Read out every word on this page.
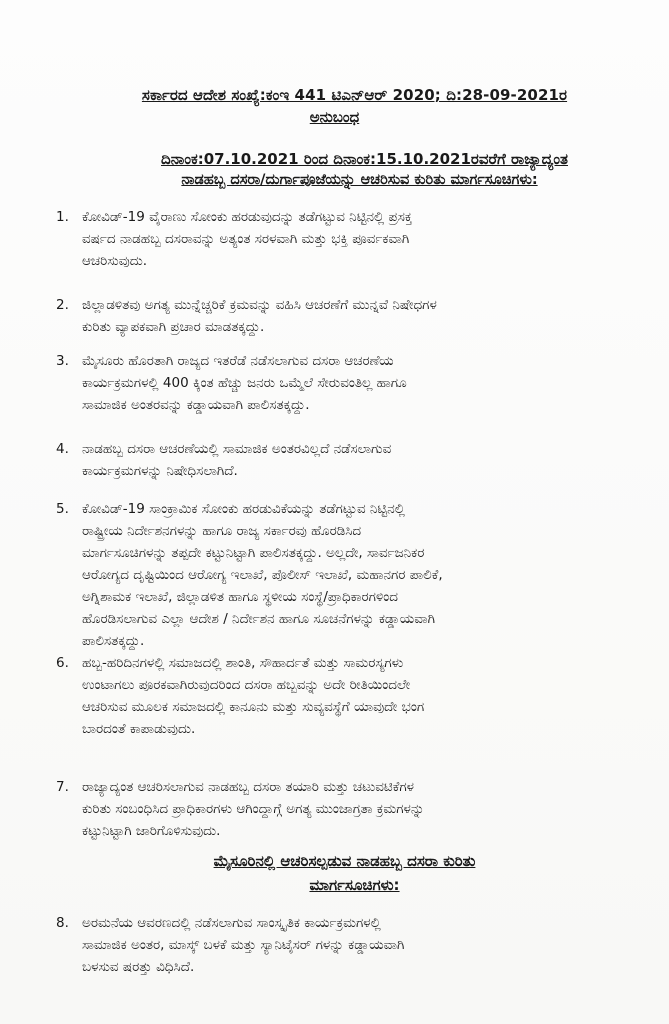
ಸರ್ಕಾರದ ಆದೇಶ ಸಂಖ್ಯೆ:ಕಂಇ 441 ಟಿಎನ್‌ಆರ್ 2020; ದಿ:28-09-2021ರ
ಅನುಬಂಧ
ದಿನಾಂಕ:07.10.2021 ರಿಂದ ದಿನಾಂಕ:15.10.2021ರವರೆಗೆ ರಾಜ್ಯಾದ್ಯಂತ
ನಾಡಹಬ್ಬ ದಸರಾ/ದುರ್ಗಾಪೂಜೆಯನ್ನು ಆಚರಿಸುವ ಕುರಿತು ಮಾರ್ಗಸೂಚಿಗಳು:
1. ಕೋವಿಡ್-19 ವೈರಾಣು ಸೋಂಕು ಹರಡುವುದನ್ನು ತಡೆಗಟ್ಟುವ ನಿಟ್ಟಿನಲ್ಲಿ ಪ್ರಸಕ್ತ
ವರ್ಷದ ನಾಡಹಬ್ಬ ದಸರಾವನ್ನು ಅತ್ಯಂತ ಸರಳವಾಗಿ ಮತ್ತು ಭಕ್ತಿ ಪೂರ್ವಕವಾಗಿ
ಆಚರಿಸುವುದು.
2. ಜಿಲ್ಲಾಡಳಿತವು ಅಗತ್ಯ ಮುನ್ನೆಚ್ಚರಿಕೆ ಕ್ರಮವನ್ನು ವಹಿಸಿ ಆಚರಣೆಗೆ ಮುನ್ನವೆ ನಿಷೇಧಗಳ
ಕುರಿತು ವ್ಯಾಪಕವಾಗಿ ಪ್ರಚಾರ ಮಾಡತಕ್ಕದ್ದು.
3. ಮೈಸೂರು ಹೊರತಾಗಿ ರಾಜ್ಯದ ಇತರೆಡೆ ನಡೆಸಲಾಗುವ ದಸರಾ ಆಚರಣೆಯ
ಕಾರ್ಯಕ್ರಮಗಳಲ್ಲಿ 400 ಕ್ಕಿಂತ ಹೆಚ್ಚು ಜನರು ಒಮ್ಮೆಲೆ ಸೇರುವಂತಿಲ್ಲ ಹಾಗೂ
ಸಾಮಾಜಿಕ ಅಂತರವನ್ನು ಕಡ್ಡಾಯವಾಗಿ ಪಾಲಿಸತಕ್ಕದ್ದು.
4. ನಾಡಹಬ್ಬ ದಸರಾ ಆಚರಣೆಯಲ್ಲಿ ಸಾಮಾಜಿಕ ಅಂತರವಿಲ್ಲದೆ ನಡೆಸಲಾಗುವ
ಕಾರ್ಯಕ್ರಮಗಳನ್ನು ನಿಷೇಧಿಸಲಾಗಿದೆ.
5. ಕೋವಿಡ್-19 ಸಾಂಕ್ರಾಮಿಕ ಸೋಂಕು ಹರಡುವಿಕೆಯನ್ನು ತಡೆಗಟ್ಟುವ ನಿಟ್ಟಿನಲ್ಲಿ
ರಾಷ್ಟ್ರೀಯ ನಿರ್ದೇಶನಗಳನ್ನು ಹಾಗೂ ರಾಜ್ಯ ಸರ್ಕಾರವು ಹೊರಡಿಸಿದ
ಮಾರ್ಗಸೂಚಿಗಳನ್ನು ತಪ್ಪದೇ ಕಟ್ಟುನಿಟ್ಟಾಗಿ ಪಾಲಿಸತಕ್ಕದ್ದು. ಅಲ್ಲದೇ, ಸಾರ್ವಜನಿಕರ
ಆರೋಗ್ಯದ ದೃಷ್ಟಿಯಿಂದ ಆರೋಗ್ಯ ಇಲಾಖೆ, ಪೊಲೀಸ್ ಇಲಾಖೆ, ಮಹಾನಗರ ಪಾಲಿಕೆ,
ಅಗ್ನಿಶಾಮಕ ಇಲಾಖೆ, ಜಿಲ್ಲಾಡಳಿತ ಹಾಗೂ ಸ್ಥಳೀಯ ಸಂಸ್ಥೆ/ಪ್ರಾಧಿಕಾರಗಳಿಂದ
ಹೊರಡಿಸಲಾಗುವ ಎಲ್ಲಾ ಆದೇಶ / ನಿರ್ದೇಶನ ಹಾಗೂ ಸೂಚನೆಗಳನ್ನು ಕಡ್ಡಾಯವಾಗಿ
ಪಾಲಿಸತಕ್ಕದ್ದು.
6. ಹಬ್ಬ-ಹರಿದಿನಗಳಲ್ಲಿ ಸಮಾಜದಲ್ಲಿ ಶಾಂತಿ, ಸೌಹಾರ್ದತೆ ಮತ್ತು ಸಾಮರಸ್ಯಗಳು
ಉಂಟಾಗಲು ಪೂರಕವಾಗಿರುವುದರಿಂದ ದಸರಾ ಹಬ್ಬವನ್ನು ಅದೇ ರೀತಿಯಿಂದಲೇ
ಆಚರಿಸುವ ಮೂಲಕ ಸಮಾಜದಲ್ಲಿ ಕಾನೂನು ಮತ್ತು ಸುವ್ಯವಸ್ಥೆಗೆ ಯಾವುದೇ ಭಂಗ
ಬಾರದಂತೆ ಕಾಪಾಡುವುದು.
7. ರಾಜ್ಯಾದ್ಯಂತ ಆಚರಿಸಲಾಗುವ ನಾಡಹಬ್ಬ ದಸರಾ ತಯಾರಿ ಮತ್ತು ಚಟುವಟಿಕೆಗಳ
ಕುರಿತು ಸಂಬಂಧಿಸಿದ ಪ್ರಾಧಿಕಾರಗಳು ಆಗಿಂದ್ದಾಗ್ಗೆ ಅಗತ್ಯ ಮುಂಜಾಗ್ರತಾ ಕ್ರಮಗಳನ್ನು
ಕಟ್ಟುನಿಟ್ಟಾಗಿ ಜಾರಿಗೊಳಿಸುವುದು.
ಮೈಸೂರಿನಲ್ಲಿ ಆಚರಿಸಲ್ಪಡುವ ನಾಡಹಬ್ಬ ದಸರಾ ಕುರಿತು
ಮಾರ್ಗಸೂಚಿಗಳು:
8. ಅರಮನೆಯ ಆವರಣದಲ್ಲಿ ನಡೆಸಲಾಗುವ ಸಾಂಸ್ಕೃತಿಕ ಕಾರ್ಯಕ್ರಮಗಳಲ್ಲಿ
ಸಾಮಾಜಿಕ ಅಂತರ, ಮಾಸ್ಕ್ ಬಳಕೆ ಮತ್ತು ಸ್ಯಾನಿಟೈಸರ್ ಗಳನ್ನು ಕಡ್ಡಾಯವಾಗಿ
ಬಳಸುವ ಷರತ್ತು ವಿಧಿಸಿದೆ.
